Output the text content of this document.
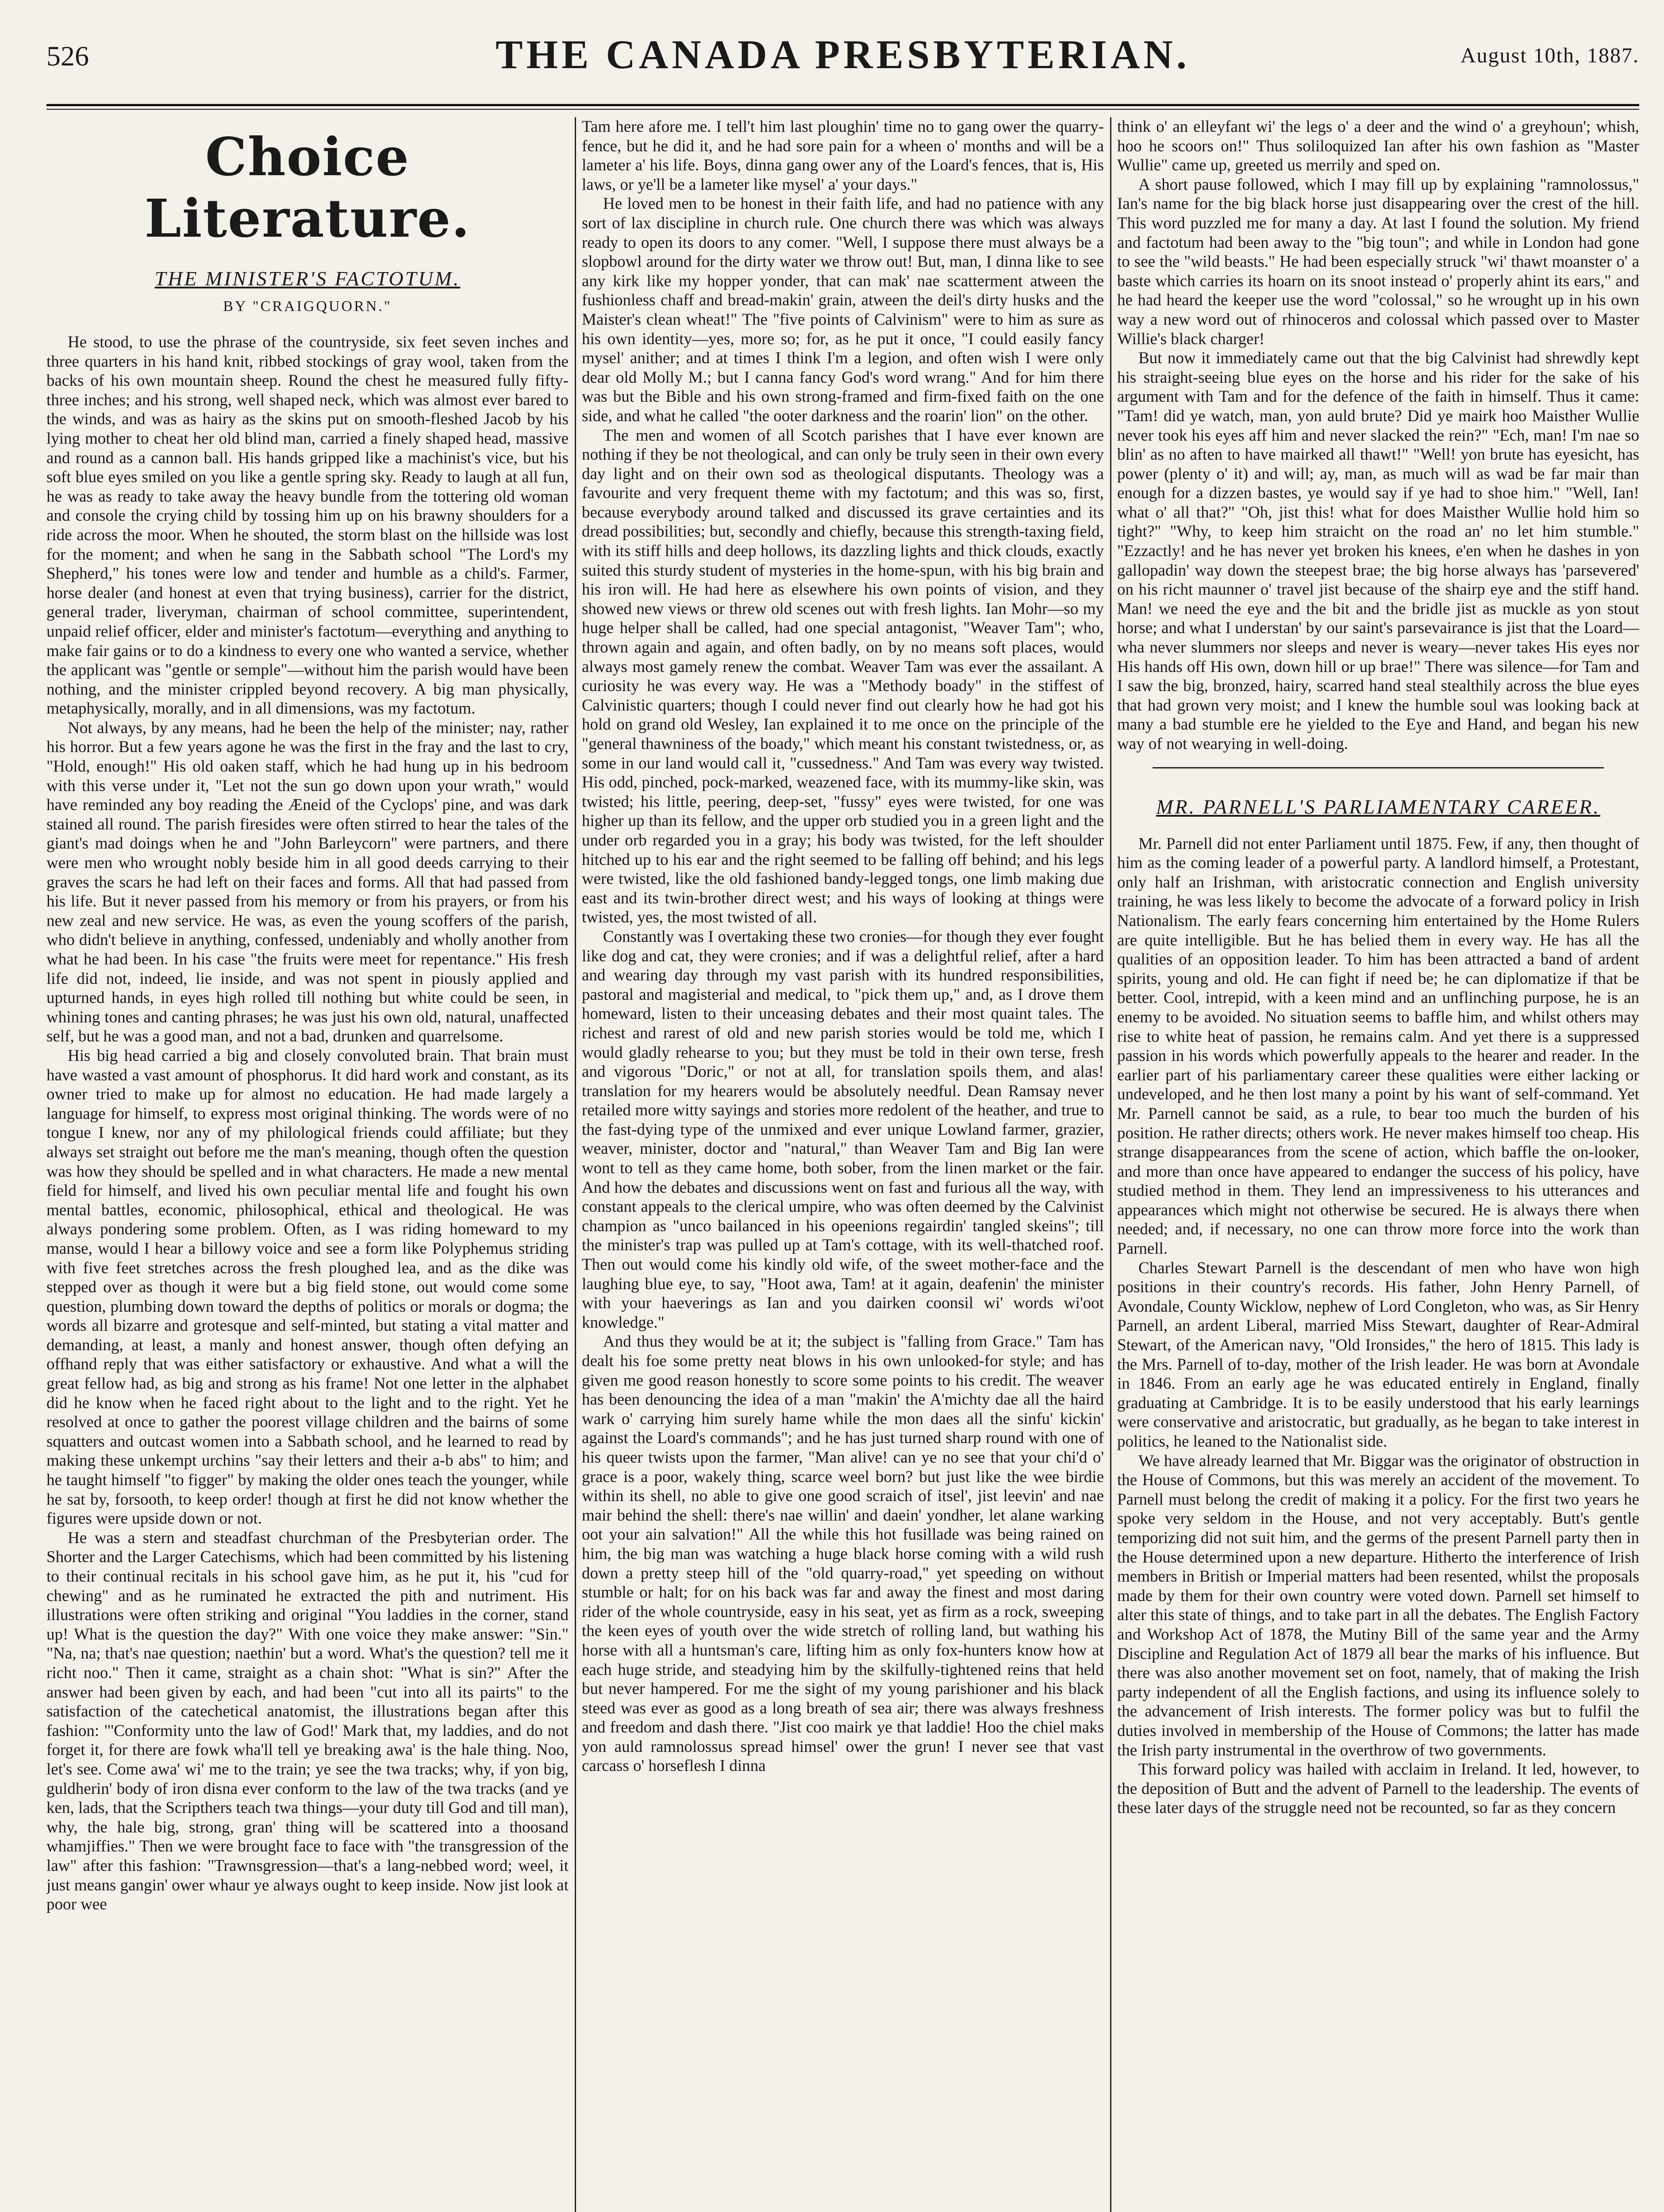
526	THE CANADA PRESBYTERIAN.	August 10th, 1887.
Choice Literature.
THE MINISTER'S FACTOTUM.
BY "CRAIGQUORN."

He stood, to use the phrase of the countryside, six feet seven inches and three quarters in his hand knit, ribbed stockings of gray wool, taken from the backs of his own mountain sheep. Round the chest he measured fully fifty-three inches; and his strong, well shaped neck, which was almost ever bared to the winds, and was as hairy as the skins put on smooth-fleshed Jacob by his lying mother to cheat her old blind man, carried a finely shaped head, massive and round as a cannon ball. His hands gripped like a machinist's vice, but his soft blue eyes smiled on you like a gentle spring sky. Ready to laugh at all fun, he was as ready to take away the heavy bundle from the tottering old woman and console the crying child by tossing him up on his brawny shoulders for a ride across the moor. When he shouted, the storm blast on the hillside was lost for the moment; and when he sang in the Sabbath school "The Lord's my Shepherd," his tones were low and tender and humble as a child's. Farmer, horse dealer (and honest at even that trying business), carrier for the district, general trader, liveryman, chairman of school committee, superintendent, unpaid relief officer, elder and minister's factotum—everything and anything to make fair gains or to do a kindness to every one who wanted a service, whether the applicant was "gentle or semple"—without him the parish would have been nothing, and the minister crippled beyond recovery. A big man physically, metaphysically, morally, and in all dimensions, was my factotum.

Not always, by any means, had he been the help of the minister; nay, rather his horror. But a few years agone he was the first in the fray and the last to cry, "Hold, enough!" His old oaken staff, which he had hung up in his bedroom with this verse under it, "Let not the sun go down upon your wrath," would have reminded any boy reading the Æneid of the Cyclops' pine, and was dark stained all round. The parish firesides were often stirred to hear the tales of the giant's mad doings when he and "John Barleycorn" were partners, and there were men who wrought nobly beside him in all good deeds carrying to their graves the scars he had left on their faces and forms. All that had passed from his life. But it never passed from his memory or from his prayers, or from his new zeal and new service. He was, as even the young scoffers of the parish, who didn't believe in anything, confessed, undeniably and wholly another from what he had been. In his case "the fruits were meet for repentance." His fresh life did not, indeed, lie inside, and was not spent in piously applied and upturned hands, in eyes high rolled till nothing but white could be seen, in whining tones and canting phrases; he was just his own old, natural, unaffected self, but he was a good man, and not a bad, drunken and quarrelsome.

His big head carried a big and closely convoluted brain. That brain must have wasted a vast amount of phosphorus. It did hard work and constant, as its owner tried to make up for almost no education. He had made largely a language for himself, to express most original thinking. The words were of no tongue I knew, nor any of my philological friends could affiliate; but they always set straight out before me the man's meaning, though often the question was how they should be spelled and in what characters. He made a new mental field for himself, and lived his own peculiar mental life and fought his own mental battles, economic, philosophical, ethical and theological. He was always pondering some problem. Often, as I was riding homeward to my manse, would I hear a billowy voice and see a form like Polyphemus striding with five feet stretches across the fresh ploughed lea, and as the dike was stepped over as though it were but a big field stone, out would come some question, plumbing down toward the depths of politics or morals or dogma; the words all bizarre and grotesque and self-minted, but stating a vital matter and demanding, at least, a manly and honest answer, though often defying an offhand reply that was either satisfactory or exhaustive. And what a will the great fellow had, as big and strong as his frame! Not one letter in the alphabet did he know when he faced right about to the light and to the right. Yet he resolved at once to gather the poorest village children and the bairns of some squatters and outcast women into a Sabbath school, and he learned to read by making these unkempt urchins "say their letters and their a-b abs" to him; and he taught himself "to figger" by making the older ones teach the younger, while he sat by, forsooth, to keep order! though at first he did not know whether the figures were upside down or not.

He was a stern and steadfast churchman of the Presbyterian order. The Shorter and the Larger Catechisms, which had been committed by his listening to their continual recitals in his school gave him, as he put it, his "cud for chewing" and as he ruminated he extracted the pith and nutriment. His illustrations were often striking and original "You laddies in the corner, stand up! What is the question the day?" With one voice they make answer: "Sin." "Na, na; that's nae question; naethin' but a word. What's the question? tell me it richt noo." Then it came, straight as a chain shot: "What is sin?" After the answer had been given by each, and had been "cut into all its pairts" to the satisfaction of the catechetical anatomist, the illustrations began after this fashion: "'Conformity unto the law of God!' Mark that, my laddies, and do not forget it, for there are fowk wha'll tell ye breaking awa' is the hale thing. Noo, let's see. Come awa' wi' me to the train; ye see the twa tracks; why, if yon big, guldherin' body of iron disna ever conform to the law of the twa tracks (and ye ken, lads, that the Scripthers teach twa things—your duty till God and till man), why, the hale big, strong, gran' thing will be scattered into a thoosand whamjiffies." Then we were brought face to face with "the transgression of the law" after this fashion: "Trawnsgression—that's a lang-nebbed word; weel, it just means gangin' ower whaur ye always ought to keep inside. Now jist look at poor wee

Tam here afore me. I tell't him last ploughin' time no to gang ower the quarry-fence, but he did it, and he had sore pain for a wheen o' months and will be a lameter a' his life. Boys, dinna gang ower any of the Loard's fences, that is, His laws, or ye'll be a lameter like mysel' a' your days."

He loved men to be honest in their faith life, and had no patience with any sort of lax discipline in church rule. One church there was which was always ready to open its doors to any comer. "Well, I suppose there must always be a slopbowl around for the dirty water we throw out! But, man, I dinna like to see any kirk like my hopper yonder, that can mak' nae scatterment atween the fushionless chaff and bread-makin' grain, atween the deil's dirty husks and the Maister's clean wheat!" The "five points of Calvinism" were to him as sure as his own identity—yes, more so; for, as he put it once, "I could easily fancy mysel' anither; and at times I think I'm a legion, and often wish I were only dear old Molly M.; but I canna fancy God's word wrang." And for him there was but the Bible and his own strong-framed and firm-fixed faith on the one side, and what he called "the ooter darkness and the roarin' lion" on the other.

The men and women of all Scotch parishes that I have ever known are nothing if they be not theological, and can only be truly seen in their own every day light and on their own sod as theological disputants. Theology was a favourite and very frequent theme with my factotum; and this was so, first, because everybody around talked and discussed its grave certainties and its dread possibilities; but, secondly and chiefly, because this strength-taxing field, with its stiff hills and deep hollows, its dazzling lights and thick clouds, exactly suited this sturdy student of mysteries in the home-spun, with his big brain and his iron will. He had here as elsewhere his own points of vision, and they showed new views or threw old scenes out with fresh lights. Ian Mohr—so my huge helper shall be called, had one special antagonist, "Weaver Tam"; who, thrown again and again, and often badly, on by no means soft places, would always most gamely renew the combat. Weaver Tam was ever the assailant. A curiosity he was every way. He was a "Methody boady" in the stiffest of Calvinistic quarters; though I could never find out clearly how he had got his hold on grand old Wesley, Ian explained it to me once on the principle of the "general thawniness of the boady," which meant his constant twistedness, or, as some in our land would call it, "cussedness." And Tam was every way twisted. His odd, pinched, pock-marked, weazened face, with its mummy-like skin, was twisted; his little, peering, deep-set, "fussy" eyes were twisted, for one was higher up than its fellow, and the upper orb studied you in a green light and the under orb regarded you in a gray; his body was twisted, for the left shoulder hitched up to his ear and the right seemed to be falling off behind; and his legs were twisted, like the old fashioned bandy-legged tongs, one limb making due east and its twin-brother direct west; and his ways of looking at things were twisted, yes, the most twisted of all.

Constantly was I overtaking these two cronies—for though they ever fought like dog and cat, they were cronies; and if was a delightful relief, after a hard and wearing day through my vast parish with its hundred responsibilities, pastoral and magisterial and medical, to "pick them up," and, as I drove them homeward, listen to their unceasing debates and their most quaint tales. The richest and rarest of old and new parish stories would be told me, which I would gladly rehearse to you; but they must be told in their own terse, fresh and vigorous "Doric," or not at all, for translation spoils them, and alas! translation for my hearers would be absolutely needful. Dean Ramsay never retailed more witty sayings and stories more redolent of the heather, and true to the fast-dying type of the unmixed and ever unique Lowland farmer, grazier, weaver, minister, doctor and "natural," than Weaver Tam and Big Ian were wont to tell as they came home, both sober, from the linen market or the fair. And how the debates and discussions went on fast and furious all the way, with constant appeals to the clerical umpire, who was often deemed by the Calvinist champion as "unco bailanced in his opeenions regairdin' tangled skeins"; till the minister's trap was pulled up at Tam's cottage, with its well-thatched roof. Then out would come his kindly old wife, of the sweet mother-face and the laughing blue eye, to say, "Hoot awa, Tam! at it again, deafenin' the minister with your haeverings as Ian and you dairken coonsil wi' words wi'oot knowledge."

And thus they would be at it; the subject is "falling from Grace." Tam has dealt his foe some pretty neat blows in his own unlooked-for style; and has given me good reason honestly to score some points to his credit. The weaver has been denouncing the idea of a man "makin' the A'michty dae all the haird wark o' carrying him surely hame while the mon daes all the sinfu' kickin' against the Loard's commands"; and he has just turned sharp round with one of his queer twists upon the farmer, "Man alive! can ye no see that your chi'd o' grace is a poor, wakely thing, scarce weel born? but just like the wee birdie within its shell, no able to give one good scraich of itsel', jist leevin' and nae mair behind the shell: there's nae willin' and daein' yondher, let alane warking oot your ain salvation!" All the while this hot fusillade was being rained on him, the big man was watching a huge black horse coming with a wild rush down a pretty steep hill of the "old quarry-road," yet speeding on without stumble or halt; for on his back was far and away the finest and most daring rider of the whole countryside, easy in his seat, yet as firm as a rock, sweeping the keen eyes of youth over the wide stretch of rolling land, but wathing his horse with all a huntsman's care, lifting him as only fox-hunters know how at each huge stride, and steadying him by the skilfully-tightened reins that held but never hampered. For me the sight of my young parishioner and his black steed was ever as good as a long breath of sea air; there was always freshness and freedom and dash there. "Jist coo mairk ye that laddie! Hoo the chiel maks yon auld ramnolossus spread himsel' ower the grun! I never see that vast carcass o' horseflesh I dinna

think o' an elleyfant wi' the legs o' a deer and the wind o' a greyhoun'; whish, hoo he scoors on!" Thus soliloquized Ian after his own fashion as "Master Wullie" came up, greeted us merrily and sped on.

A short pause followed, which I may fill up by explaining "ramnolossus," Ian's name for the big black horse just disappearing over the crest of the hill. This word puzzled me for many a day. At last I found the solution. My friend and factotum had been away to the "big toun"; and while in London had gone to see the "wild beasts." He had been especially struck "wi' thawt moanster o' a baste which carries its hoarn on its snoot instead o' properly ahint its ears," and he had heard the keeper use the word "colossal," so he wrought up in his own way a new word out of rhinoceros and colossal which passed over to Master Willie's black charger!

But now it immediately came out that the big Calvinist had shrewdly kept his straight-seeing blue eyes on the horse and his rider for the sake of his argument with Tam and for the defence of the faith in himself. Thus it came: "Tam! did ye watch, man, yon auld brute? Did ye mairk hoo Maisther Wullie never took his eyes aff him and never slacked the rein?" "Ech, man! I'm nae so blin' as no aften to have mairked all thawt!" "Well! yon brute has eyesicht, has power (plenty o' it) and will; ay, man, as much will as wad be far mair than enough for a dizzen bastes, ye would say if ye had to shoe him." "Well, Ian! what o' all that?" "Oh, jist this! what for does Maisther Wullie hold him so tight?" "Why, to keep him straicht on the road an' no let him stumble." "Ezzactly! and he has never yet broken his knees, e'en when he dashes in yon gallopadin' way down the steepest brae; the big horse always has 'parsevered' on his richt maunner o' travel jist because of the shairp eye and the stiff hand. Man! we need the eye and the bit and the bridle jist as muckle as yon stout horse; and what I understan' by our saint's parsevairance is jist that the Loard—wha never slummers nor sleeps and never is weary—never takes His eyes nor His hands off His own, down hill or up brae!" There was silence—for Tam and I saw the big, bronzed, hairy, scarred hand steal stealthily across the blue eyes that had grown very moist; and I knew the humble soul was looking back at many a bad stumble ere he yielded to the Eye and Hand, and began his new way of not wearying in well-doing.

MR. PARNELL'S PARLIAMENTARY CAREER.

Mr. Parnell did not enter Parliament until 1875. Few, if any, then thought of him as the coming leader of a powerful party. A landlord himself, a Protestant, only half an Irishman, with aristocratic connection and English university training, he was less likely to become the advocate of a forward policy in Irish Nationalism. The early fears concerning him entertained by the Home Rulers are quite intelligible. But he has belied them in every way. He has all the qualities of an opposition leader. To him has been attracted a band of ardent spirits, young and old. He can fight if need be; he can diplomatize if that be better. Cool, intrepid, with a keen mind and an unflinching purpose, he is an enemy to be avoided. No situation seems to baffle him, and whilst others may rise to white heat of passion, he remains calm. And yet there is a suppressed passion in his words which powerfully appeals to the hearer and reader. In the earlier part of his parliamentary career these qualities were either lacking or undeveloped, and he then lost many a point by his want of self-command. Yet Mr. Parnell cannot be said, as a rule, to bear too much the burden of his position. He rather directs; others work. He never makes himself too cheap. His strange disappearances from the scene of action, which baffle the on-looker, and more than once have appeared to endanger the success of his policy, have studied method in them. They lend an impressiveness to his utterances and appearances which might not otherwise be secured. He is always there when needed; and, if necessary, no one can throw more force into the work than Parnell.

Charles Stewart Parnell is the descendant of men who have won high positions in their country's records. His father, John Henry Parnell, of Avondale, County Wicklow, nephew of Lord Congleton, who was, as Sir Henry Parnell, an ardent Liberal, married Miss Stewart, daughter of Rear-Admiral Stewart, of the American navy, "Old Ironsides," the hero of 1815. This lady is the Mrs. Parnell of to-day, mother of the Irish leader. He was born at Avondale in 1846. From an early age he was educated entirely in England, finally graduating at Cambridge. It is to be easily understood that his early learnings were conservative and aristocratic, but gradually, as he began to take interest in politics, he leaned to the Nationalist side.

We have already learned that Mr. Biggar was the originator of obstruction in the House of Commons, but this was merely an accident of the movement. To Parnell must belong the credit of making it a policy. For the first two years he spoke very seldom in the House, and not very acceptably. Butt's gentle temporizing did not suit him, and the germs of the present Parnell party then in the House determined upon a new departure. Hitherto the interference of Irish members in British or Imperial matters had been resented, whilst the proposals made by them for their own country were voted down. Parnell set himself to alter this state of things, and to take part in all the debates. The English Factory and Workshop Act of 1878, the Mutiny Bill of the same year and the Army Discipline and Regulation Act of 1879 all bear the marks of his influence. But there was also another movement set on foot, namely, that of making the Irish party independent of all the English factions, and using its influence solely to the advancement of Irish interests. The former policy was but to fulfil the duties involved in membership of the House of Commons; the latter has made the Irish party instrumental in the overthrow of two governments.

This forward policy was hailed with acclaim in Ireland. It led, however, to the deposition of Butt and the advent of Parnell to the leadership. The events of these later days of the struggle need not be recounted, so far as they concern
